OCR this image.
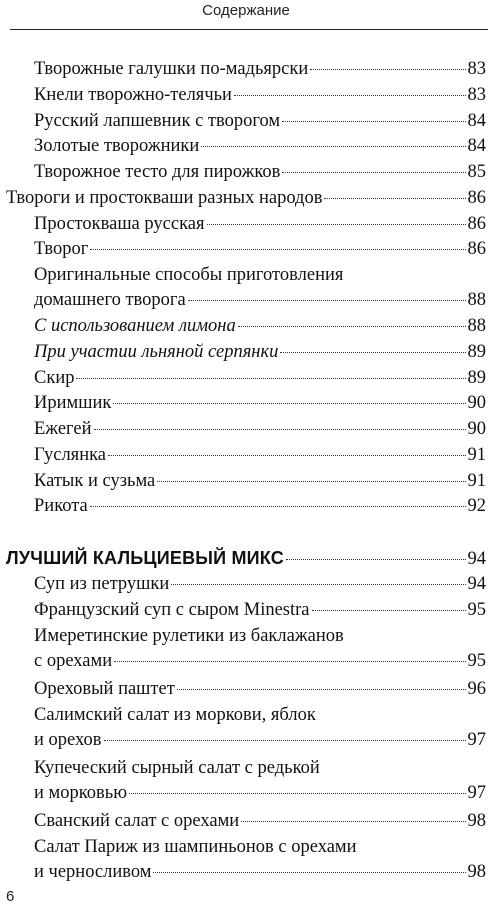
Содержание
Творожные галушки по-мадьярски	83
Кнели творожно-телячьи	83
Русский лапшевник с творогом	84
Золотые творожники	84
Творожное тесто для пирожков	85
Твороги и простокваши разных народов	86
Простокваша русская	86
Творог	86
Оригинальные способы приготовления
домашнего творога	88
С использованием лимона	88
При участии льняной серпянки	89
Скир	89
Иримшик	90
Ежегей	90
Гуслянка	91
Катык и сузьма	91
Рикота	92
ЛУЧШИЙ КАЛЬЦИЕВЫЙ МИКС	94
Суп из петрушки	94
Французский суп с сыром Minestra	95
Имеретинские рулетики из баклажанов
с орехами	95
Ореховый паштет	96
Салимский салат из моркови, яблок
и орехов	97
Купеческий сырный салат с редькой
и морковью	97
Сванский салат с орехами	98
Салат Париж из шампиньонов с орехами
и черносливом	98
6
